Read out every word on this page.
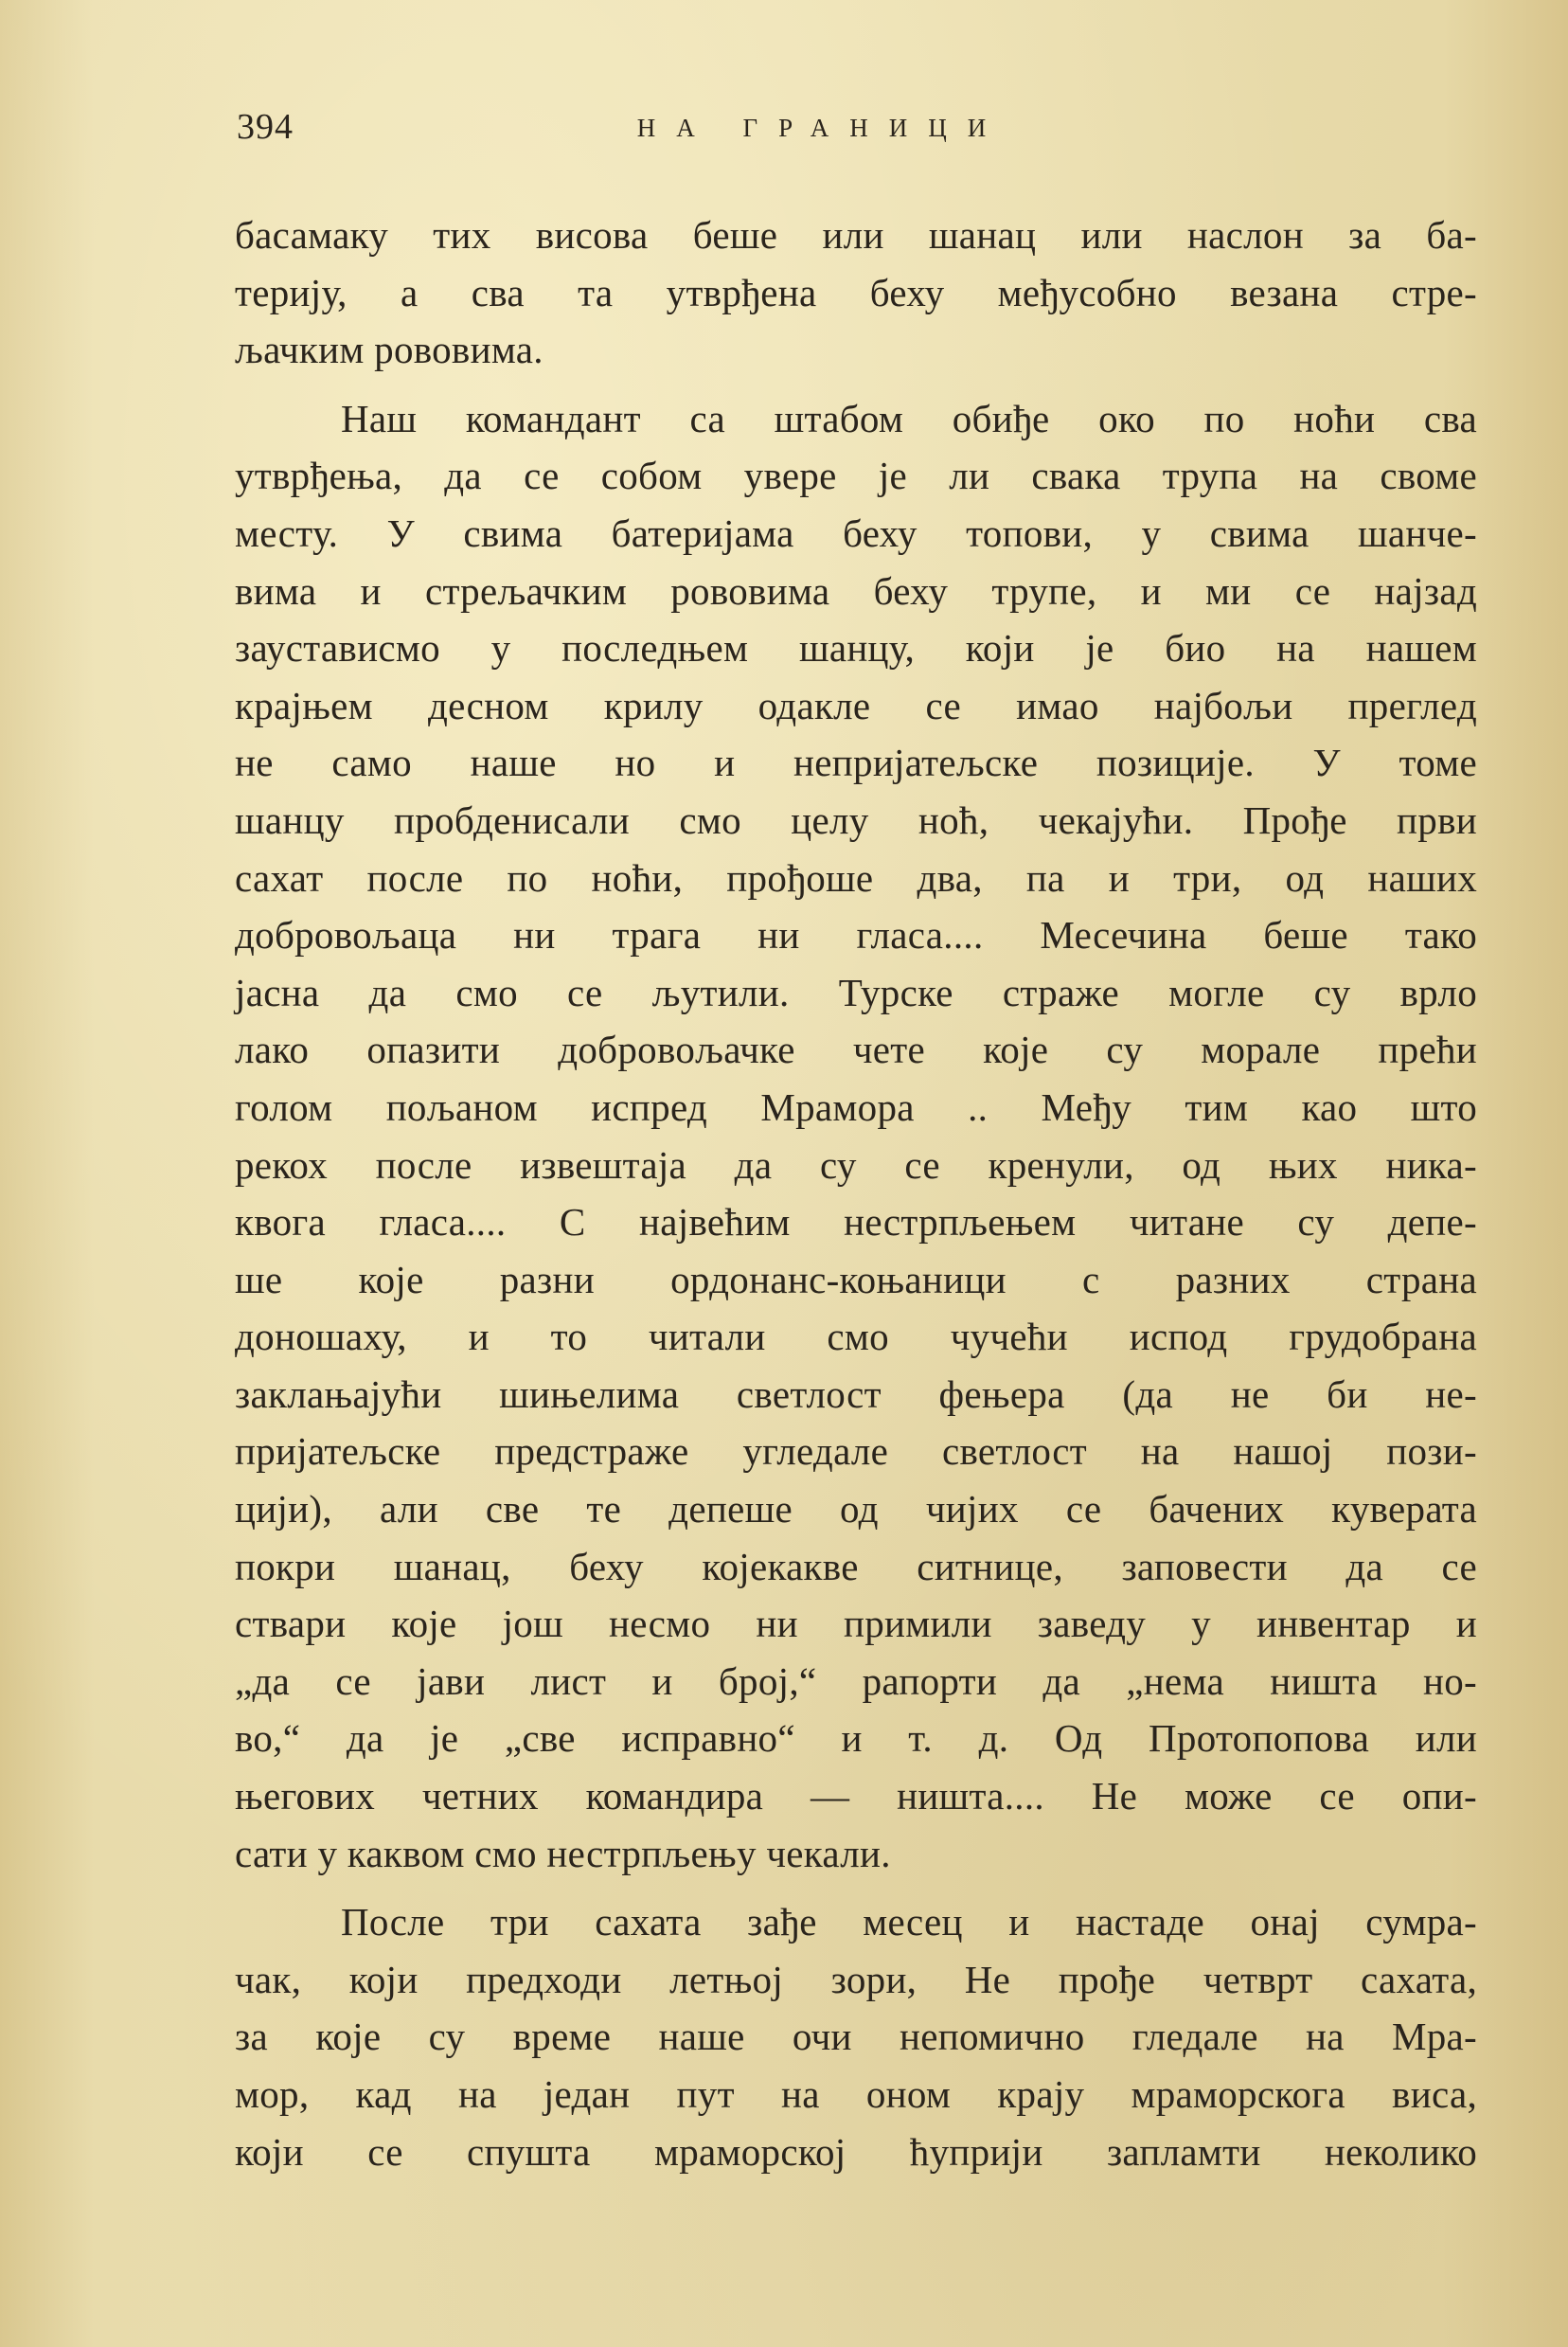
394	НА ГРАНИЦИ
басамаку тих висова беше или шанац или наслон за ба-
терију, а сва та утврђена беху међусобно везана стре-
љачким рововима.
Наш командант са штабом обиђе око по ноћи сва
утврђења, да се собом увере је ли свака трупа на своме
месту. У свима батеријама беху топови, у свима шанче-
вима и стрељачким рововима беху трупе, и ми се најзад
заустависмо у последњем шанцу, који је био на нашем
крајњем десном крилу одакле се имао најбољи преглед
не само наше но и непријатељске позиције. У томе
шанцу пробденисали смо целу ноћ, чекајући. Прође први
сахат после по ноћи, прођоше два, па и три, од наших
добровољаца ни трага ни гласа.... Месечина беше тако
јасна да смо се љутили. Турске страже могле су врло
лако опазити добровољачке чете које су морале прећи
голом пољаном испред Мрамора .. Међу тим као што
рекох после извештаја да су се кренули, од њих ника-
квога гласа.... С највећим нестрпљењем читане су депе-
ше које разни ордонанс-коњаници с разних страна
доношаху, и то читали смо чучећи испод грудобрана
заклањајући шињелима светлост фењера (да не би не-
пријатељске предстраже угледале светлост на нашој пози-
цији), али све те депеше од чијих се бачених куверата
покри шанац, беху којекакве ситнице, заповести да се
ствари које још несмо ни примили заведу у инвентар и
„да се јави лист и број,“ рапорти да „нема ништа но-
во,“ да је „све исправно“ и т. д. Од Протопопова или
његових четних командира — ништа.... Не може се опи-
сати у каквом смо нестрпљењу чекали.
После три сахата зађе месец и настаде онај сумра-
чак, који предходи летњој зори, Не прође четврт сахата,
за које су време наше очи непомично гледале на Мра-
мор, кад на један пут на оном крају мраморскога виса,
који се спушта мраморској ћуприји запламти неколико
